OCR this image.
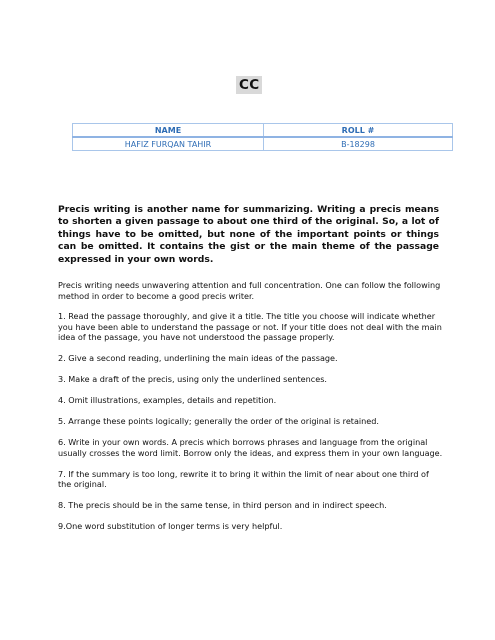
CC
NAME	ROLL #
HAFIZ FURQAN TAHIR	B-18298

Precis writing is another name for summarizing. Writing a precis means to shorten a given passage to about one third of the original. So, a lot of things have to be omitted, but none of the important points or things can be omitted. It contains the gist or the main theme of the passage expressed in your own words.

Precis writing needs unwavering attention and full concentration. One can follow the following method in order to become a good precis writer.

1. Read the passage thoroughly, and give it a title. The title you choose will indicate whether you have been able to understand the passage or not. If your title does not deal with the main idea of the passage, you have not understood the passage properly.
2. Give a second reading, underlining the main ideas of the passage.
3. Make a draft of the precis, using only the underlined sentences.
4. Omit illustrations, examples, details and repetition.
5. Arrange these points logically; generally the order of the original is retained.
6. Write in your own words. A precis which borrows phrases and language from the original usually crosses the word limit. Borrow only the ideas, and express them in your own language.
7. If the summary is too long, rewrite it to bring it within the limit of near about one third of the original.
8. The precis should be in the same tense, in third person and in indirect speech.
9.One word substitution of longer terms is very helpful.
